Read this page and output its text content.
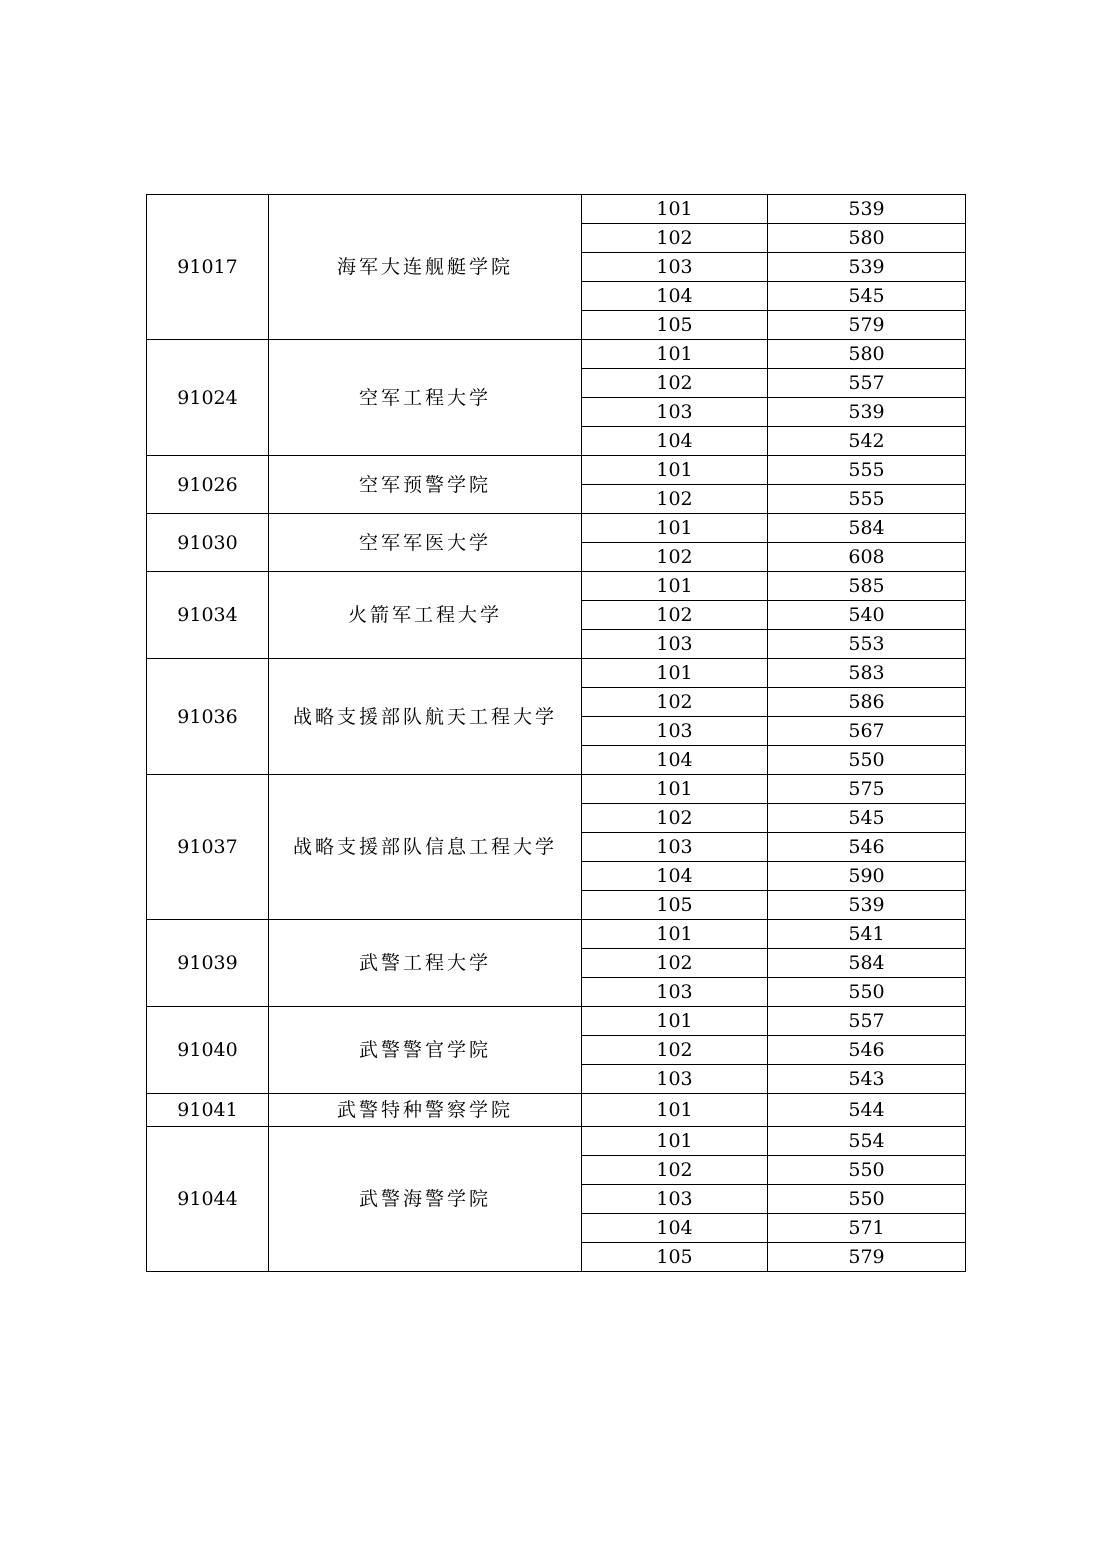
91017	海军大连舰艇学院	101	539
		102	580
		103	539
		104	545
		105	579
91024	空军工程大学	101	580
		102	557
		103	539
		104	542
91026	空军预警学院	101	555
		102	555
91030	空军军医大学	101	584
		102	608
91034	火箭军工程大学	101	585
		102	540
		103	553
91036	战略支援部队航天工程大学	101	583
		102	586
		103	567
		104	550
91037	战略支援部队信息工程大学	101	575
		102	545
		103	546
		104	590
		105	539
91039	武警工程大学	101	541
		102	584
		103	550
91040	武警警官学院	101	557
		102	546
		103	543
91041	武警特种警察学院	101	544
91044	武警海警学院	101	554
		102	550
		103	550
		104	571
		105	579
